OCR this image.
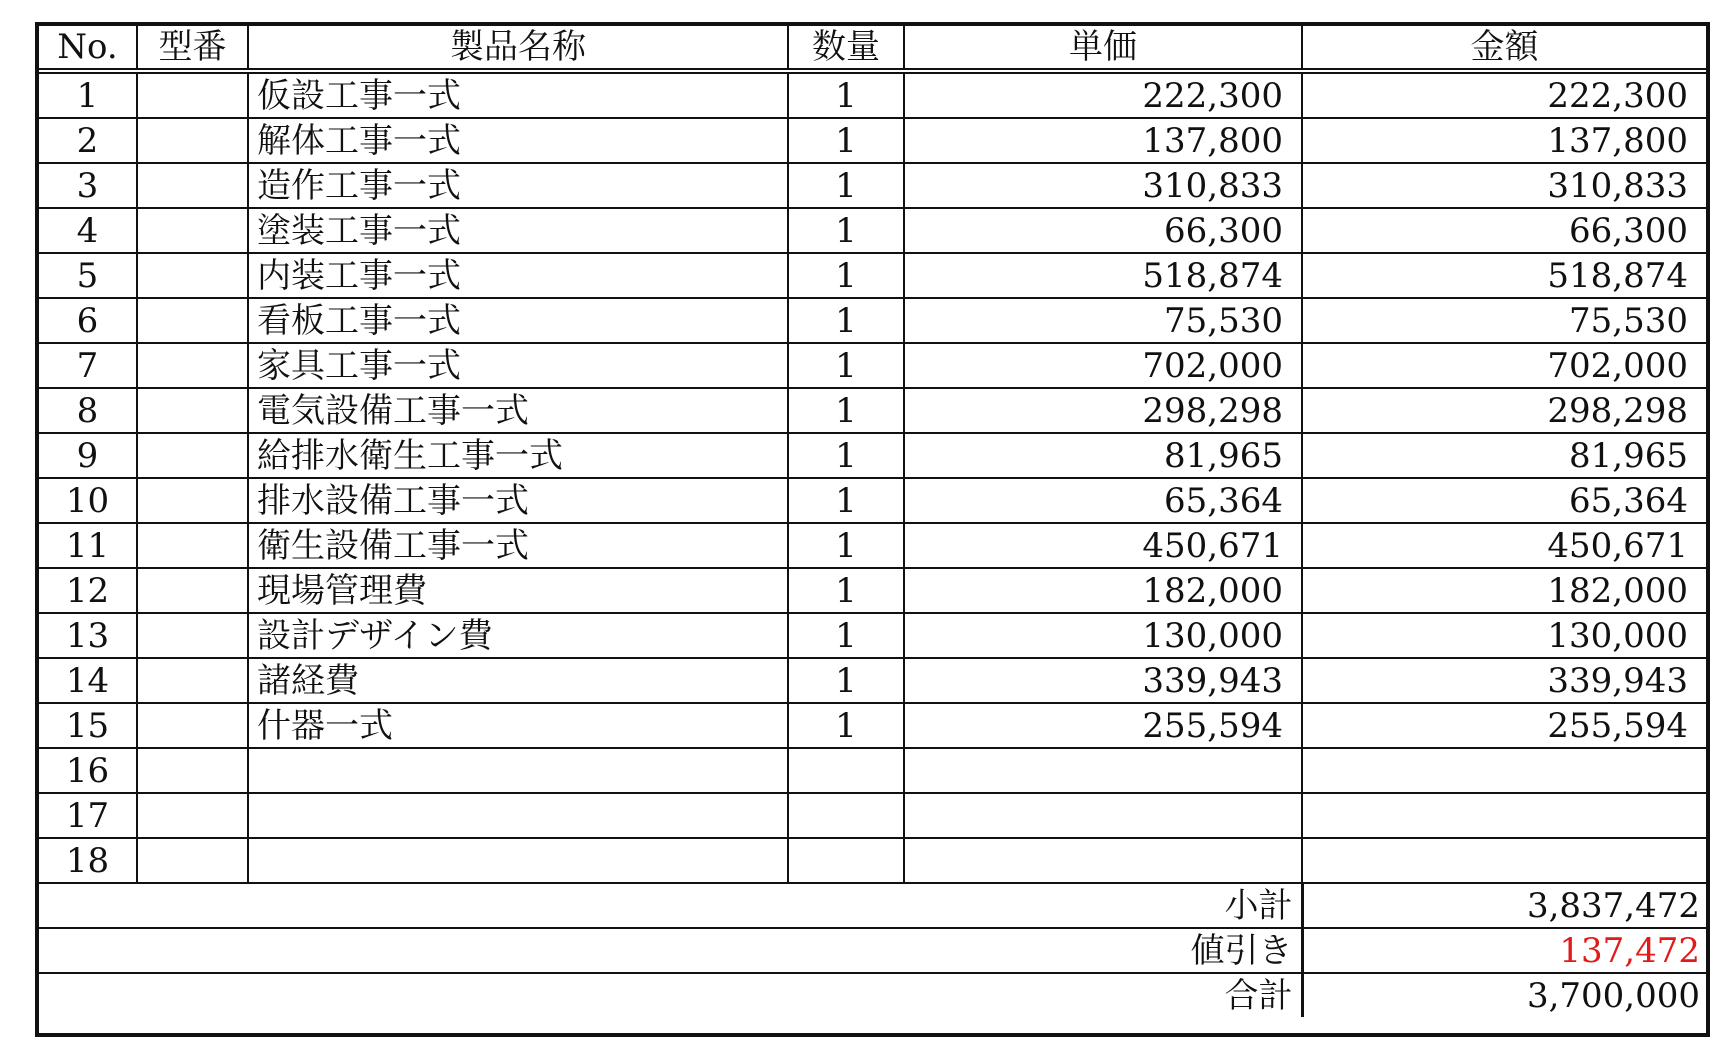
No.	型番	製品名称	数量	単価	金額
1		仮設工事一式	1	222,300	222,300
2		解体工事一式	1	137,800	137,800
3		造作工事一式	1	310,833	310,833
4		塗装工事一式	1	66,300	66,300
5		内装工事一式	1	518,874	518,874
6		看板工事一式	1	75,530	75,530
7		家具工事一式	1	702,000	702,000
8		電気設備工事一式	1	298,298	298,298
9		給排水衛生工事一式	1	81,965	81,965
10		排水設備工事一式	1	65,364	65,364
11		衛生設備工事一式	1	450,671	450,671
12		現場管理費	1	182,000	182,000
13		設計デザイン費	1	130,000	130,000
14		諸経費	1	339,943	339,943
15		什器一式	1	255,594	255,594
16					
17					
18					
小計	3,837,472
値引き	137,472
合計	3,700,000
